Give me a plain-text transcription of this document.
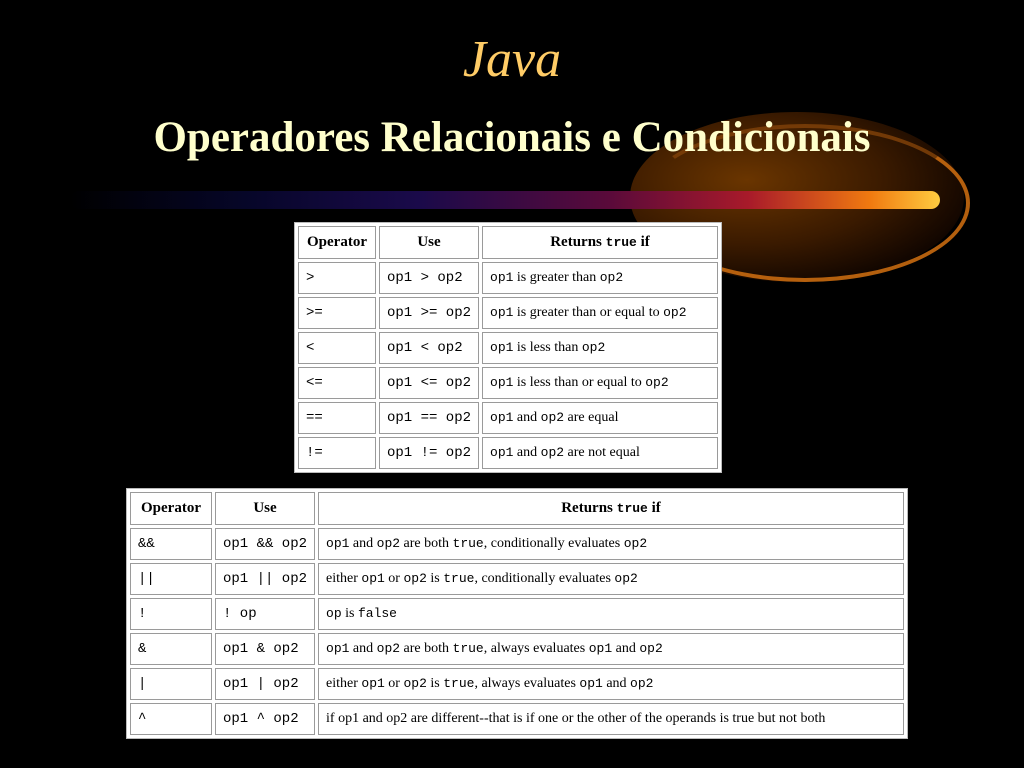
Java
Operadores Relacionais e Condicionais
Operator	Use	Returns true if
>	op1 > op2	op1 is greater than op2
>=	op1 >= op2	op1 is greater than or equal to op2
<	op1 < op2	op1 is less than op2
<=	op1 <= op2	op1 is less than or equal to op2
==	op1 == op2	op1 and op2 are equal
!=	op1 != op2	op1 and op2 are not equal
Operator	Use	Returns true if
&&	op1 && op2	op1 and op2 are both true, conditionally evaluates op2
||	op1 || op2	either op1 or op2 is true, conditionally evaluates op2
!	! op	op is false
&	op1 & op2	op1 and op2 are both true, always evaluates op1 and op2
|	op1 | op2	either op1 or op2 is true, always evaluates op1 and op2
^	op1 ^ op2	if op1 and op2 are different--that is if one or the other of the operands is true but not both
